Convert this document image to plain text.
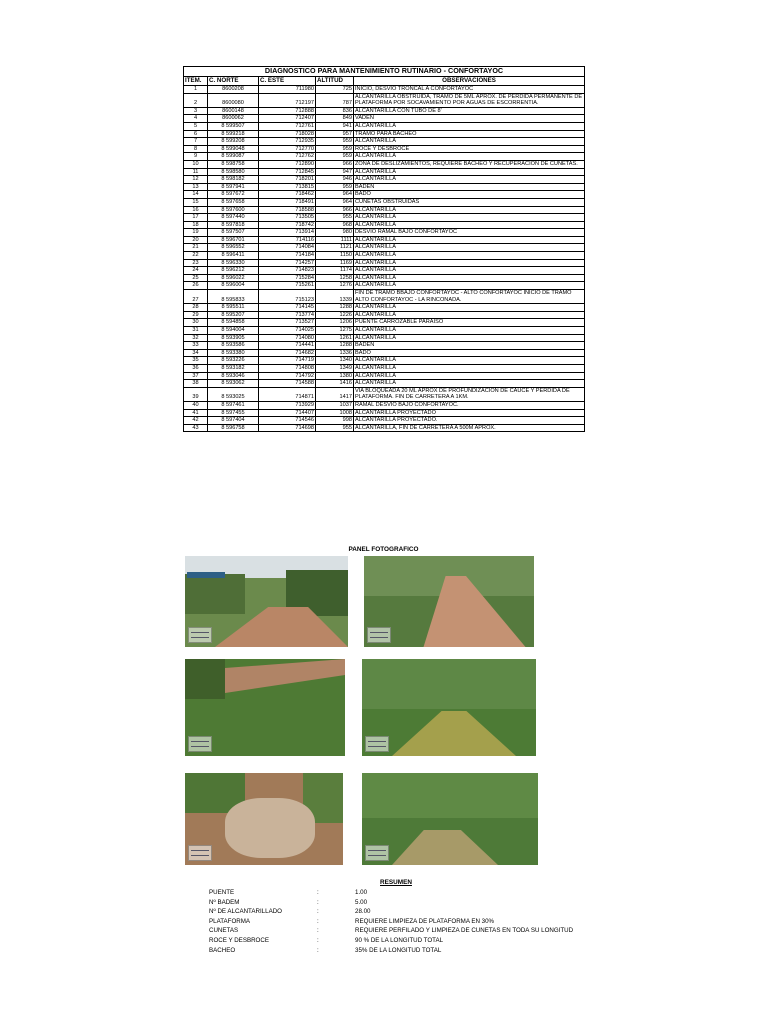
DIAGNOSTICO PARA MANTENIMIENTO RUTINARIO - CONFORTAYOC				
ITEM.	C. NORTE	C. ESTE	ALTITUD	OBSERVACIONES
1	8600208	711980	725	INICIO, DESVIO TRONCAL A CONFORTAYOC
2	8600080	712197	787	ALCANTARILLA OBSTRUIDA, TRAMO DE 5ML APROX. DE PERDIDA PERMANENTE DE PLATAFORMA POR SOCAVAMIENTO POR AGUAS DE ESCORRENTIA.
3	8600148	712888	836	ALCANTARILLA CON TUBO DE 8'
4	8600062	712407	849	VADEN
5	8 599507	712761	941	ALCANTARILLA
6	8 599218	718028	957	TRAMO PARA BACHEO
7	8 599208	712935	959	ALCANTARILLA
8	8 599048	712770	959	ROCE Y DESBROCE
9	8 599087	712762	959	ALCANTARILLA
10	8 598758	712890	966	ZONA DE DESLIZAMIENTOS, REQUIERE BACHEO Y RECUPERACIÓN DE CUNETAS.
11	8 598580	712845	947	ALCANTARILLA
12	8 598182	718201	946	ALCANTARILLA
13	8 597941	713815	959	BADEN
14	8 597672	718462	964	BADO
15	8 597658	718491	964	CUNETAS OBSTRUIDAS
16	8 597600	718588	966	ALCANTARILLA
17	8 597440	713505	955	ALCANTARILLA
18	8 597818	718742	968	ALCANTARILLA
19	8 597507	713914	980	DESVIO RAMAL BAJO CONFORTAYOC
20	8 596701	714116	1111	ALCANTARILLA
21	8 596552	714084	1121	ALCANTARILLA
22	8 596411	714184	1150	ALCANTARILLA
23	8 596330	714257	1169	ALCANTARILLA
24	8 596212	714823	1174	ALCANTARILLA
25	8 596022	715284	1258	ALCANTARILLA
26	8 596004	715261	1276	ALCANTARILLA
27	8 595833	715123	1339	FIN DE TRAMO BBAJO CONFORTAYOC - ALTO CONFORTAYOC INICIO DE TRAMO ALTO CONFORTAYOC - LA RINCONADA.
28	8 595511	714145	1288	ALCANTARILLA
29	8 595207	713774	1226	ALCANTARILLA
30	8 594858	713527	1206	PUENTE CARROZABLE PARAISO
31	8 594004	714025	1275	ALCANTARILLA
32	8 593905	714080	1261	ALCANTARILLA
33	8 593586	714441	1288	BADEN
34	8 593380	714682	1336	BADO
35	8 593226	714719	1340	ALCANTARILLA
36	8 593182	714808	1349	ALCANTARILLA
37	8 593046	714792	1380	ALCANTARILLA
38	8 593062	714588	1416	ALCANTARILLA
39	8 593025	714871	1417	VIA BLOQUEADA 20 ML APROX DE PROFUNDIZACION DE CAUCE Y PERDIDA DE PLATAFORMA. FIN DE CARRETERA A 1KM.
40	8 597461	713929	1037	RAMAL DESVIO BAJO CONFORTAYOC.
41	8 597455	714407	1008	ALCANTARILLA PROYECTADO
42	8 597404	714546	998	ALCANTARILLA PROYECTADO.
43	8 596758	714698	955	ALCANTARILLA, FIN DE CARRETERA A 500M APROX.
PANEL FOTOGRAFICO
RESUMEN
PUENTE	:	1.00
Nº BADEM	:	5.00
Nº DE ALCANTARILLADO	:	28.00
PLATAFORMA	:	REQUIERE LIMPIEZA DE PLATAFORMA EN 30%
CUNETAS	:	REQUIERE PERFILADO Y LIMPIEZA DE CUNETAS EN TODA SU LONGITUD
ROCE Y DESBROCE	:	90 % DE LA LONGITUD TOTAL
BACHEO	:	35% DE LA LONGITUD TOTAL
